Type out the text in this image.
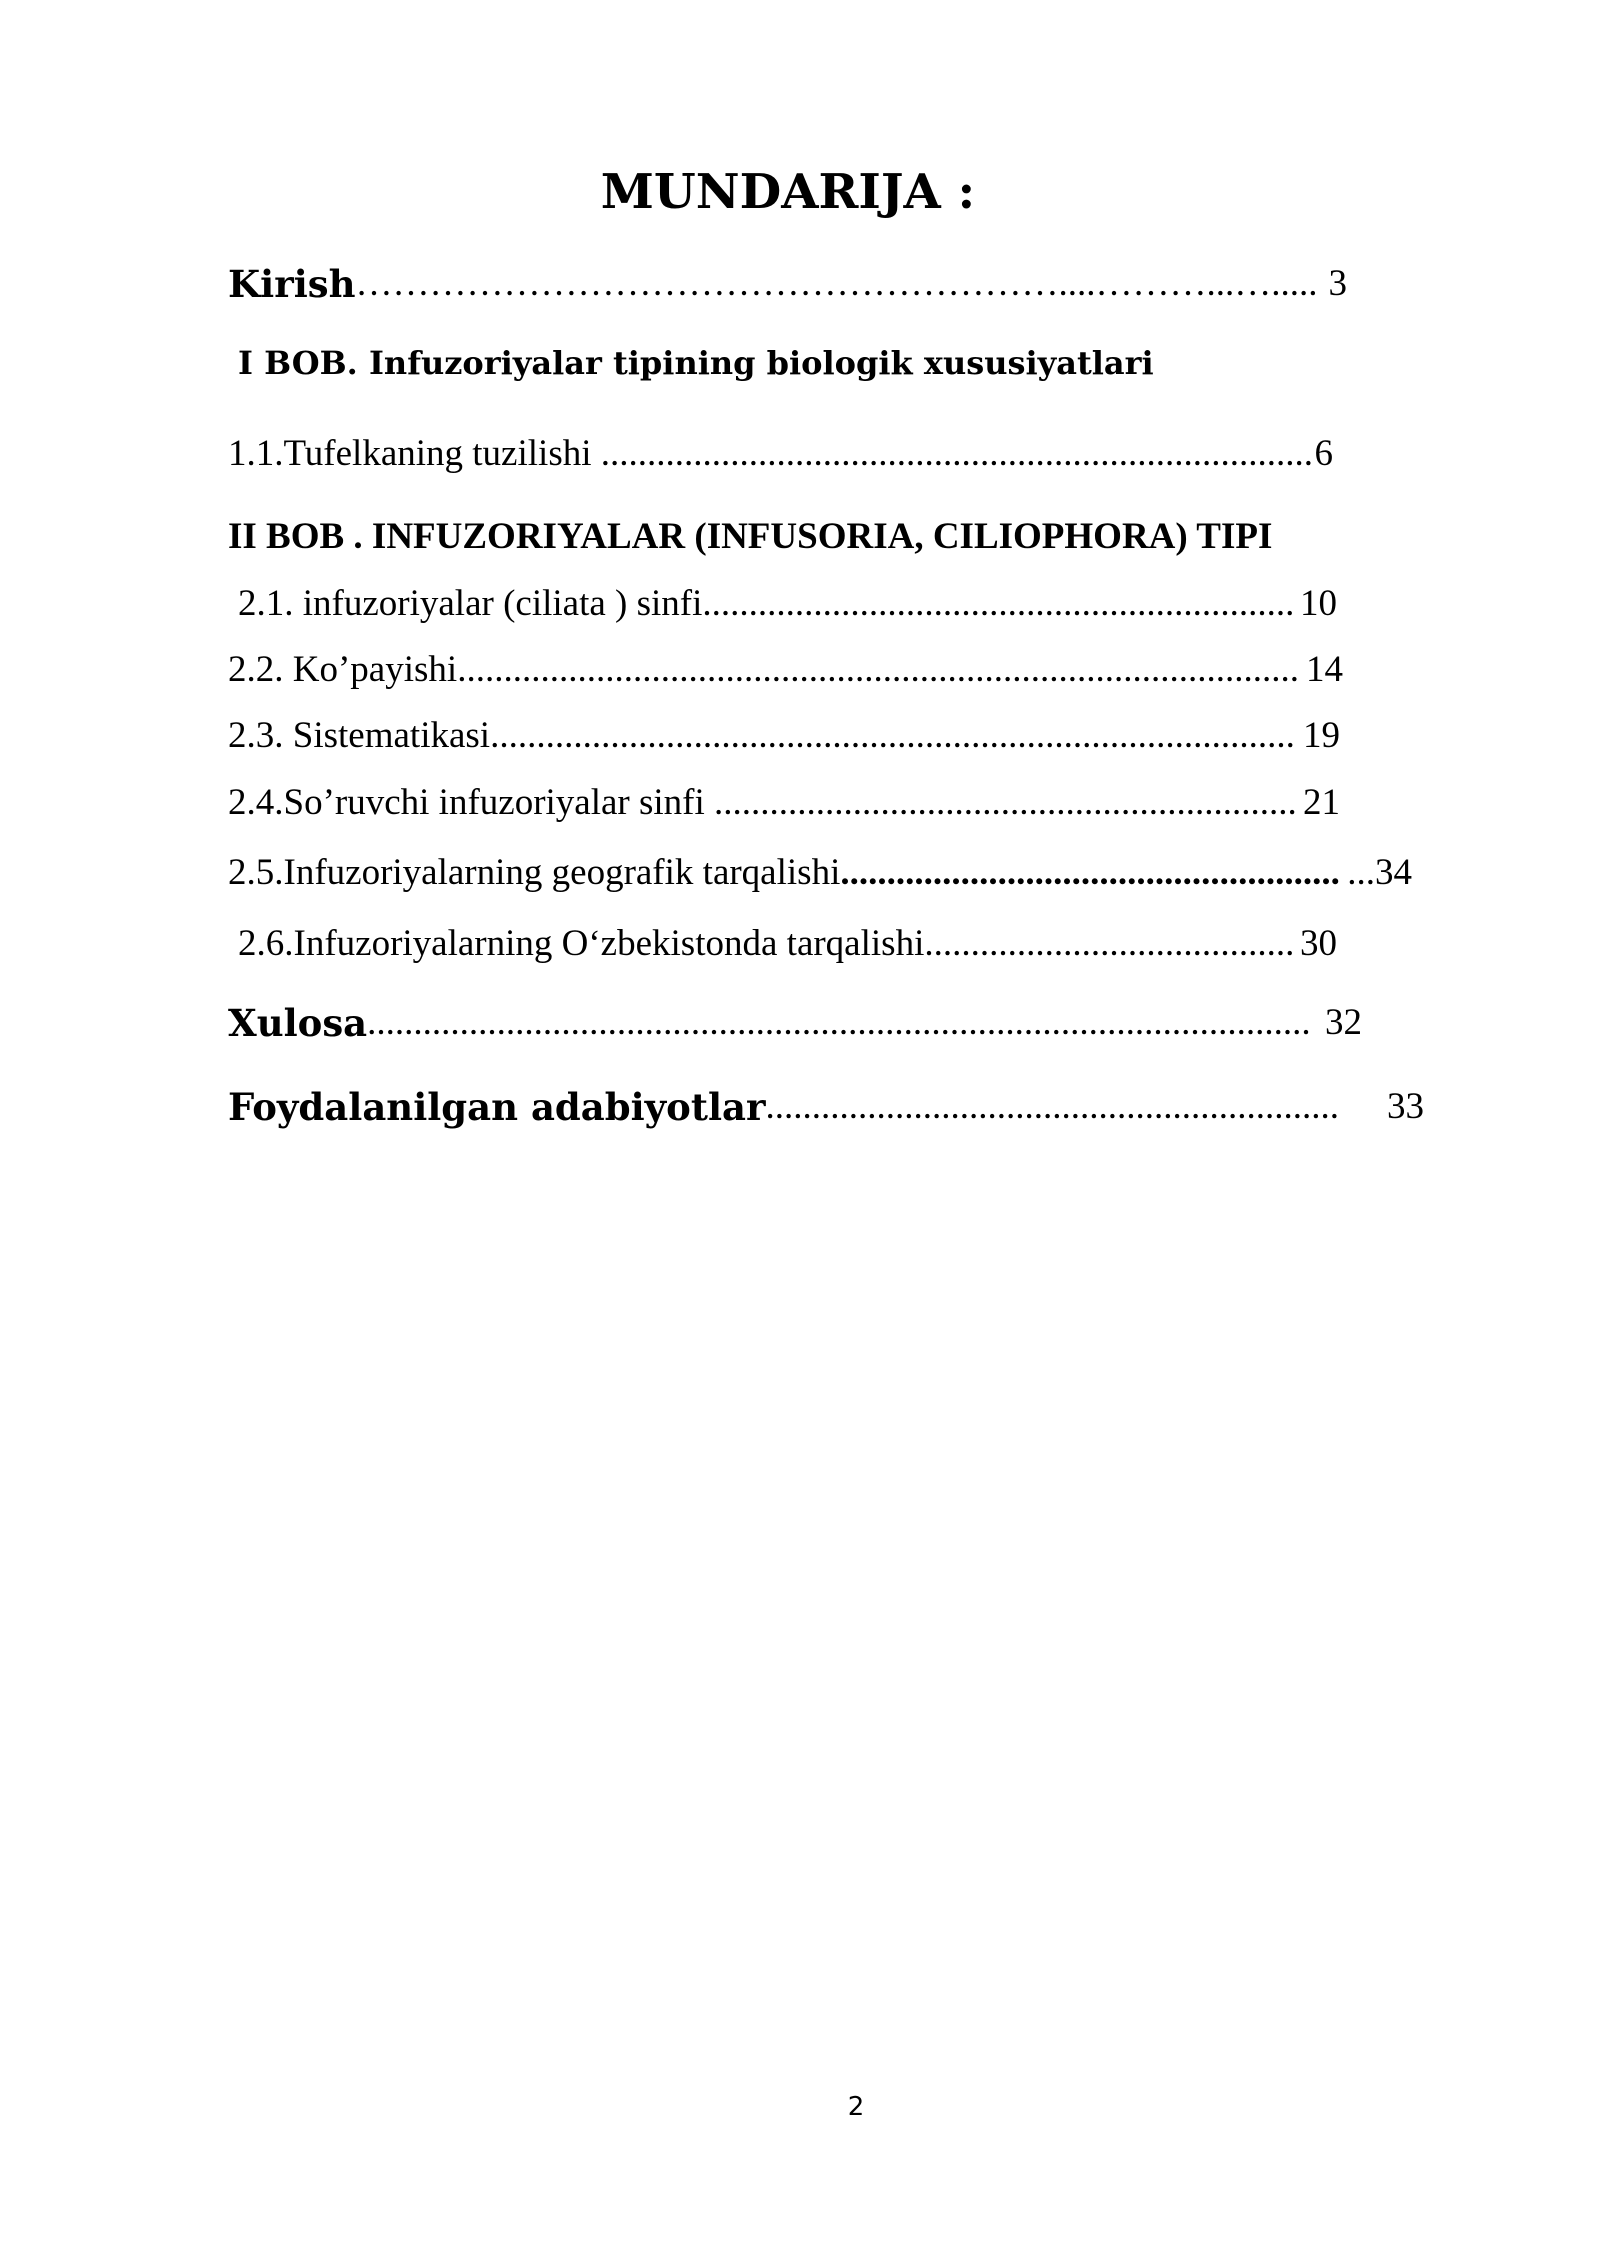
MUNDARIJA :
Kirish …………………………………………………....………...…..... 3
I BOB. Infuzoriyalar tipining biologik xususiyatlari
1.1.Tufelkaning tuzilishi ............................................................................. 6
II BOB . INFUZORIYALAR (INFUSORIA, CILIOPHORA) TIPI
2.1. infuzoriyalar (ciliata ) sinfi ................................................................ 10
2.2. Ko’payishi ........................................................................................... 14
2.3. Sistematikasi ....................................................................................... 19
2.4.So’ruvchi infuzoriyalar sinfi ............................................................... 21
2.5.Infuzoriyalarning geografik tarqalishi ...................................................... ... 34
2.6.Infuzoriyalarning O‘zbekistonda tarqalishi ........................................ 30
Xulosa ...................................................................................................... 32
Foydalanilgan adabiyotlar ..............................................................	33
2
